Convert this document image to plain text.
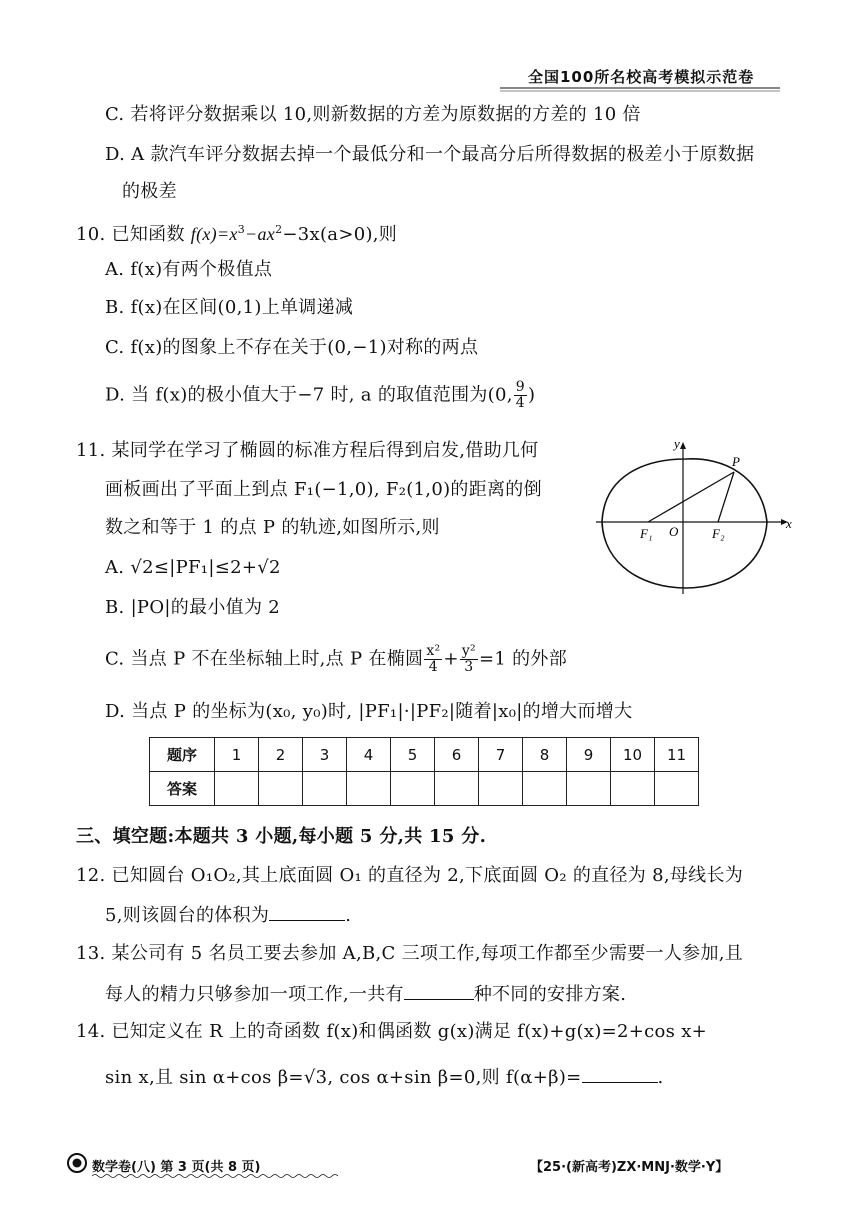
全国100所名校高考模拟示范卷
C. 若将评分数据乘以 10,则新数据的方差为原数据的方差的 10 倍
D. A 款汽车评分数据去掉一个最低分和一个最高分后所得数据的极差小于原数据
的极差
10. 已知函数 $f(x)=x^3-ax^2-3x(a>0)$,则
A. f(x)有两个极值点
B. f(x)在区间(0,1)上单调递减
C. f(x)的图象上不存在关于(0,−1)对称的两点
D. 当 f(x)的极小值大于−7 时, a 的取值范围为(0, $\frac{9}{4}$ )
11. 某同学在学习了椭圆的标准方程后得到启发,借助几何
画板画出了平面上到点 F₁(−1,0), F₂(1,0)的距离的倒
数之和等于 1 的点 P 的轨迹,如图所示,则
A. √2≤|PF₁|≤2+√2
B. |PO|的最小值为 2
C. 当点 P 不在坐标轴上时,点 P 在椭圆 $\frac{\text{x²}}{4} + \frac{\text{y²}}{3} =1$ 的外部
D. 当点 P 的坐标为(x₀, y₀)时, |PF₁|·|PF₂|随着|x₀|的增大而增大
y
x
P
F₁ O	F₂
题序	1	2	3	4	5	6	7	8	9	10	11
答案											
三、填空题:本题共 3 小题,每小题 5 分,共 15 分.
12. 已知圆台 O₁O₂,其上底面圆 O₁ 的直径为 2,下底面圆 O₂ 的直径为 8,母线长为
5,则该圆台的体积为	.
13. 某公司有 5 名员工要去参加 A,B,C 三项工作,每项工作都至少需要一人参加,且
每人的精力只够参加一项工作,一共有	种不同的安排方案.
14. 已知定义在 R 上的奇函数 f(x)和偶函数 g(x)满足 f(x)+g(x)=2+cos x+
sin x,且 sin α+cos β=√3, cos α+sin β=0,则 f(α+β)=	.
数学卷(八) 第 3 页(共 8 页)	【25·(新高考)ZX·MNJ·数学·Y】
